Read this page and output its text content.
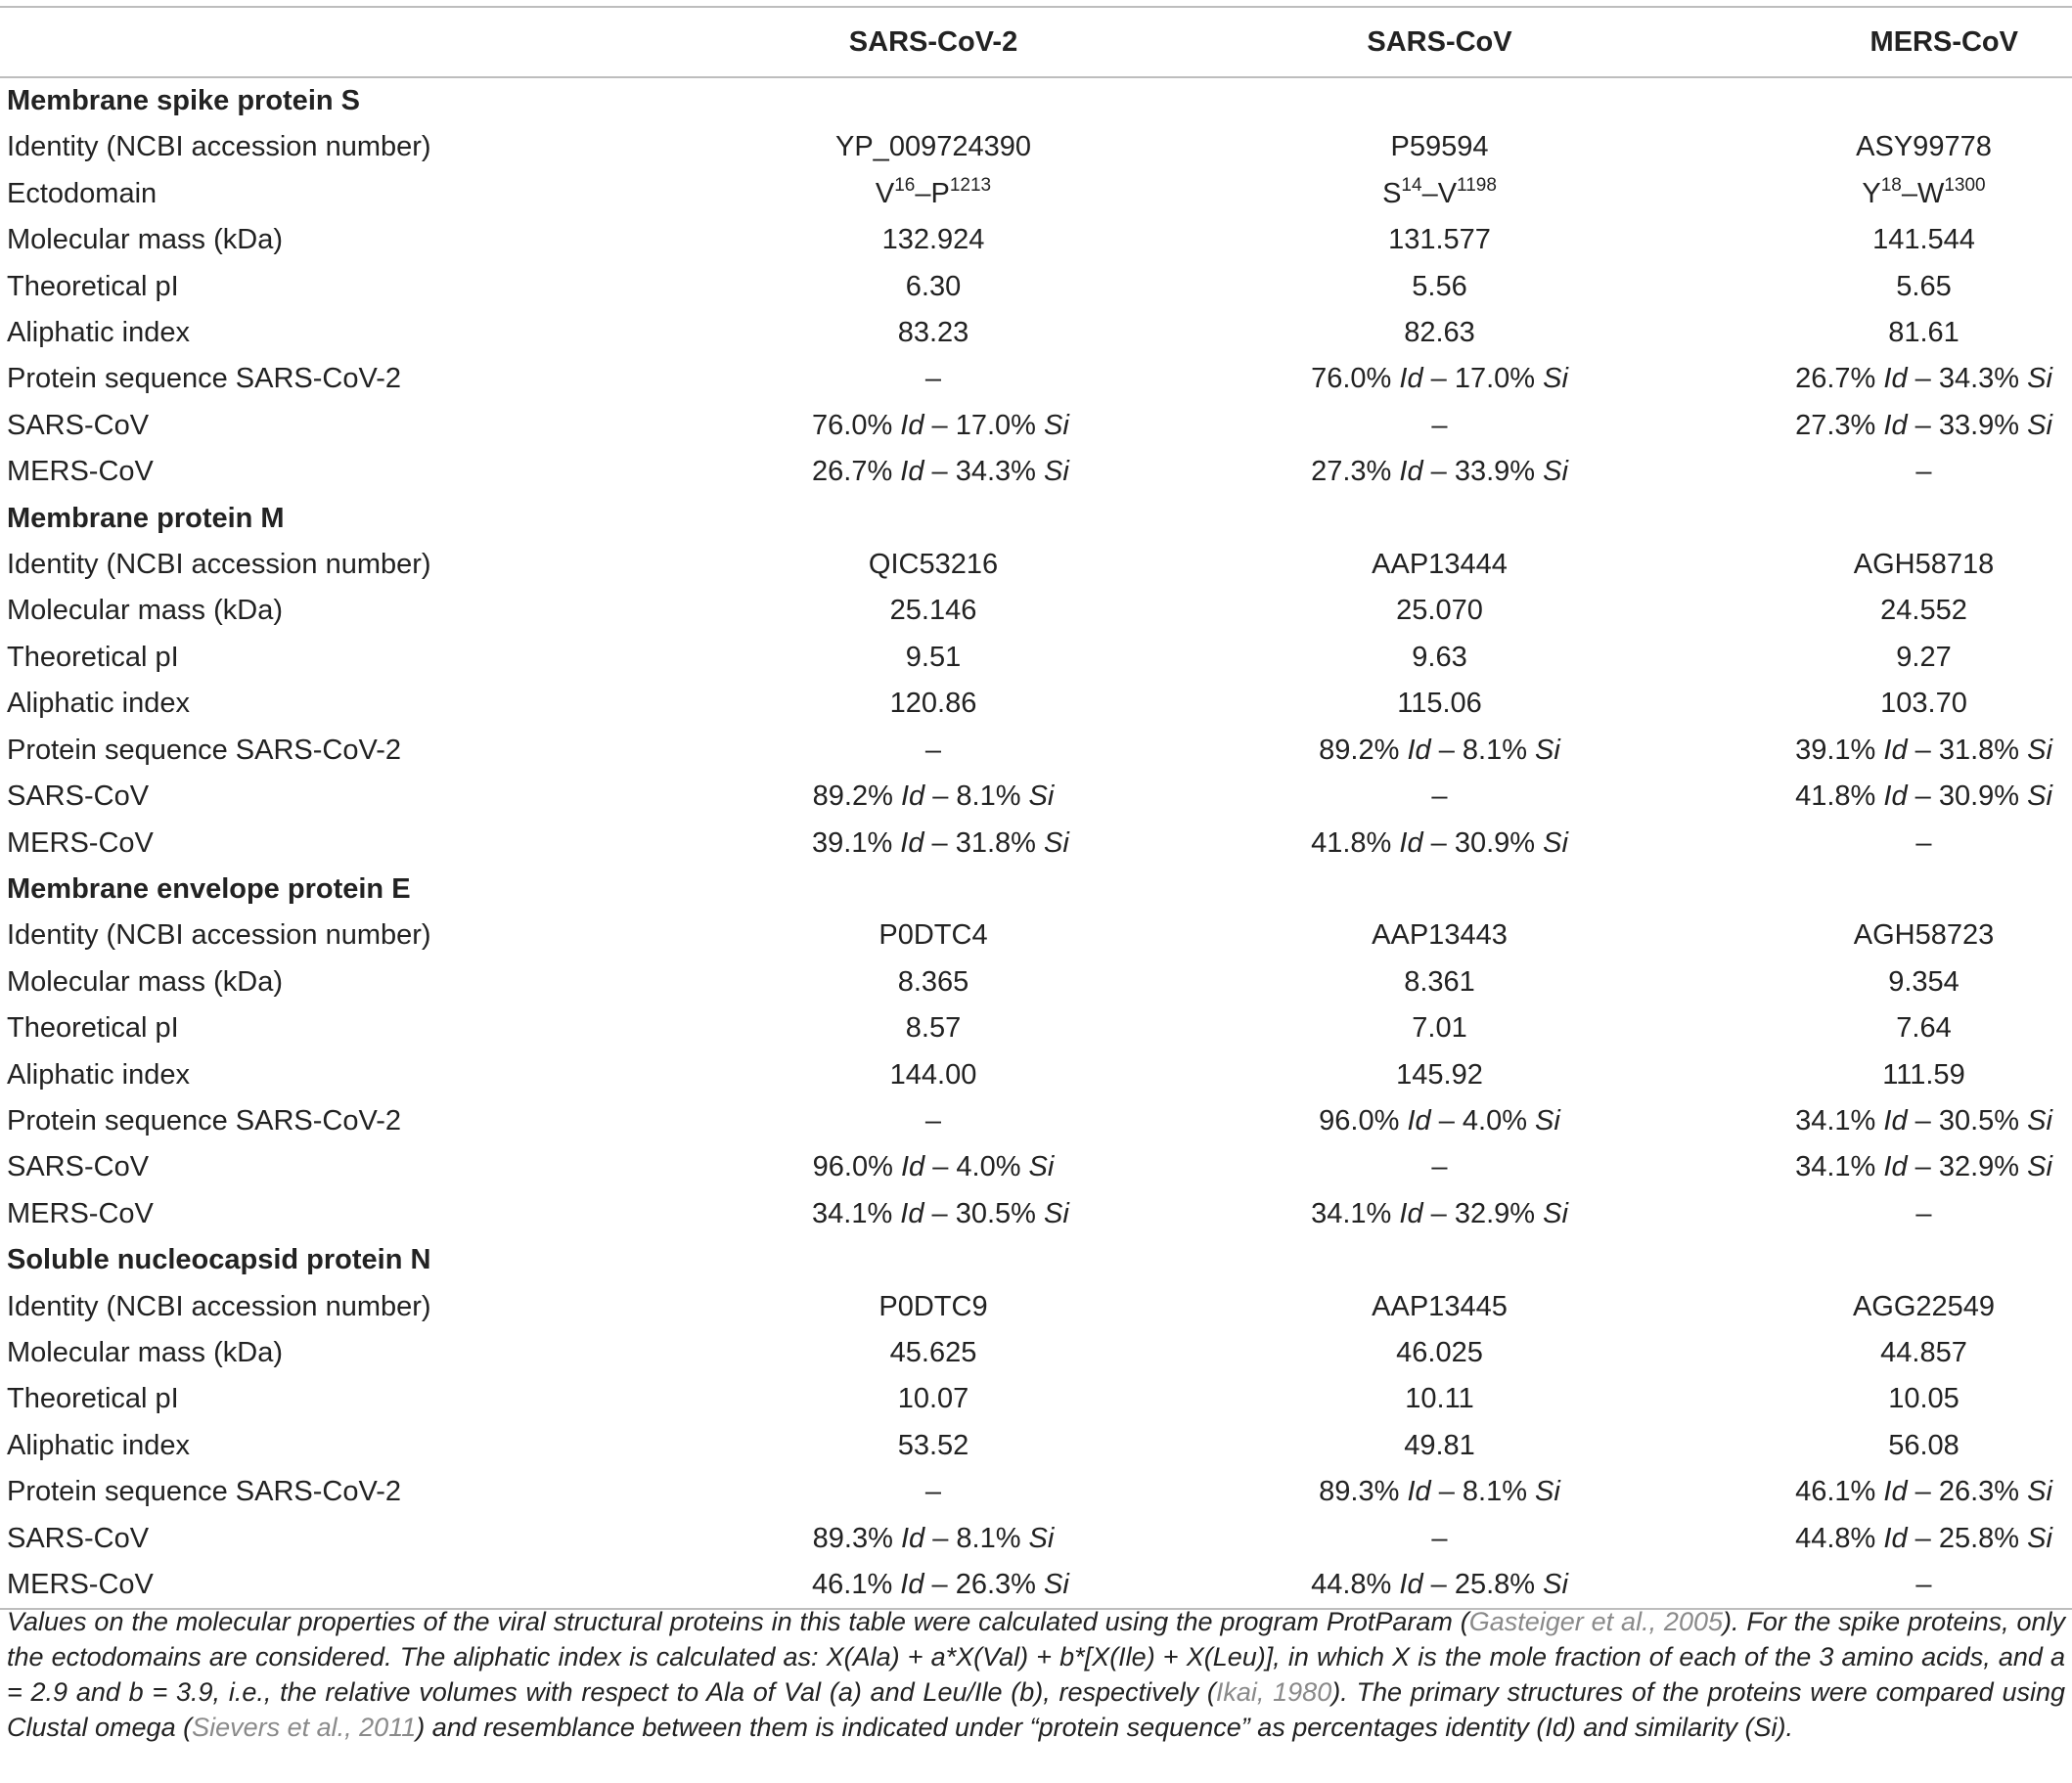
	SARS-CoV-2	SARS-CoV	MERS-CoV
Membrane spike protein S			
Identity (NCBI accession number)	YP_009724390	P59594	ASY99778
Ectodomain	$V^{16}-P^{1213}$	$S^{14}-V^{1198}$	$Y^{18}-W^{1300}$
Molecular mass (kDa)	132.924	131.577	141.544
Theoretical pI	6.30	5.56	5.65
Aliphatic index	83.23	82.63	81.61
Protein sequence SARS-CoV-2	–	76.0% Id – 17.0% Si	26.7% Id – 34.3% Si
SARS-CoV	76.0% Id – 17.0% Si	–	27.3% Id – 33.9% Si
MERS-CoV	26.7% Id – 34.3% Si	27.3% Id – 33.9% Si	–
Membrane protein M			
Identity (NCBI accession number)	QIC53216	AAP13444	AGH58718
Molecular mass (kDa)	25.146	25.070	24.552
Theoretical pI	9.51	9.63	9.27
Aliphatic index	120.86	115.06	103.70
Protein sequence SARS-CoV-2	–	89.2% Id – 8.1% Si	39.1% Id – 31.8% Si
SARS-CoV	89.2% Id – 8.1% Si	–	41.8% Id – 30.9% Si
MERS-CoV	39.1% Id – 31.8% Si	41.8% Id – 30.9% Si	–
Membrane envelope protein E			
Identity (NCBI accession number)	P0DTC4	AAP13443	AGH58723
Molecular mass (kDa)	8.365	8.361	9.354
Theoretical pI	8.57	7.01	7.64
Aliphatic index	144.00	145.92	111.59
Protein sequence SARS-CoV-2	–	96.0% Id – 4.0% Si	34.1% Id – 30.5% Si
SARS-CoV	96.0% Id – 4.0% Si	–	34.1% Id – 32.9% Si
MERS-CoV	34.1% Id – 30.5% Si	34.1% Id – 32.9% Si	–
Soluble nucleocapsid protein N			
Identity (NCBI accession number)	P0DTC9	AAP13445	AGG22549
Molecular mass (kDa)	45.625	46.025	44.857
Theoretical pI	10.07	10.11	10.05
Aliphatic index	53.52	49.81	56.08
Protein sequence SARS-CoV-2	–	89.3% Id – 8.1% Si	46.1% Id – 26.3% Si
SARS-CoV	89.3% Id – 8.1% Si	–	44.8% Id – 25.8% Si
MERS-CoV	46.1% Id – 26.3% Si	44.8% Id – 25.8% Si	–
Values on the molecular properties of the viral structural proteins in this table were calculated using the program ProtParam (Gasteiger et al., 2005). For the spike proteins, only the ectodomains are considered. The aliphatic index is calculated as: X(Ala) + a*X(Val) + b*[X(Ile) + X(Leu)], in which X is the mole fraction of each of the 3 amino acids, and a = 2.9 and b = 3.9, i.e., the relative volumes with respect to Ala of Val (a) and Leu/Ile (b), respectively (Ikai, 1980). The primary structures of the proteins were compared using Clustal omega (Sievers et al., 2011) and resemblance between them is indicated under “protein sequence” as percentages identity (Id) and similarity (Si).
